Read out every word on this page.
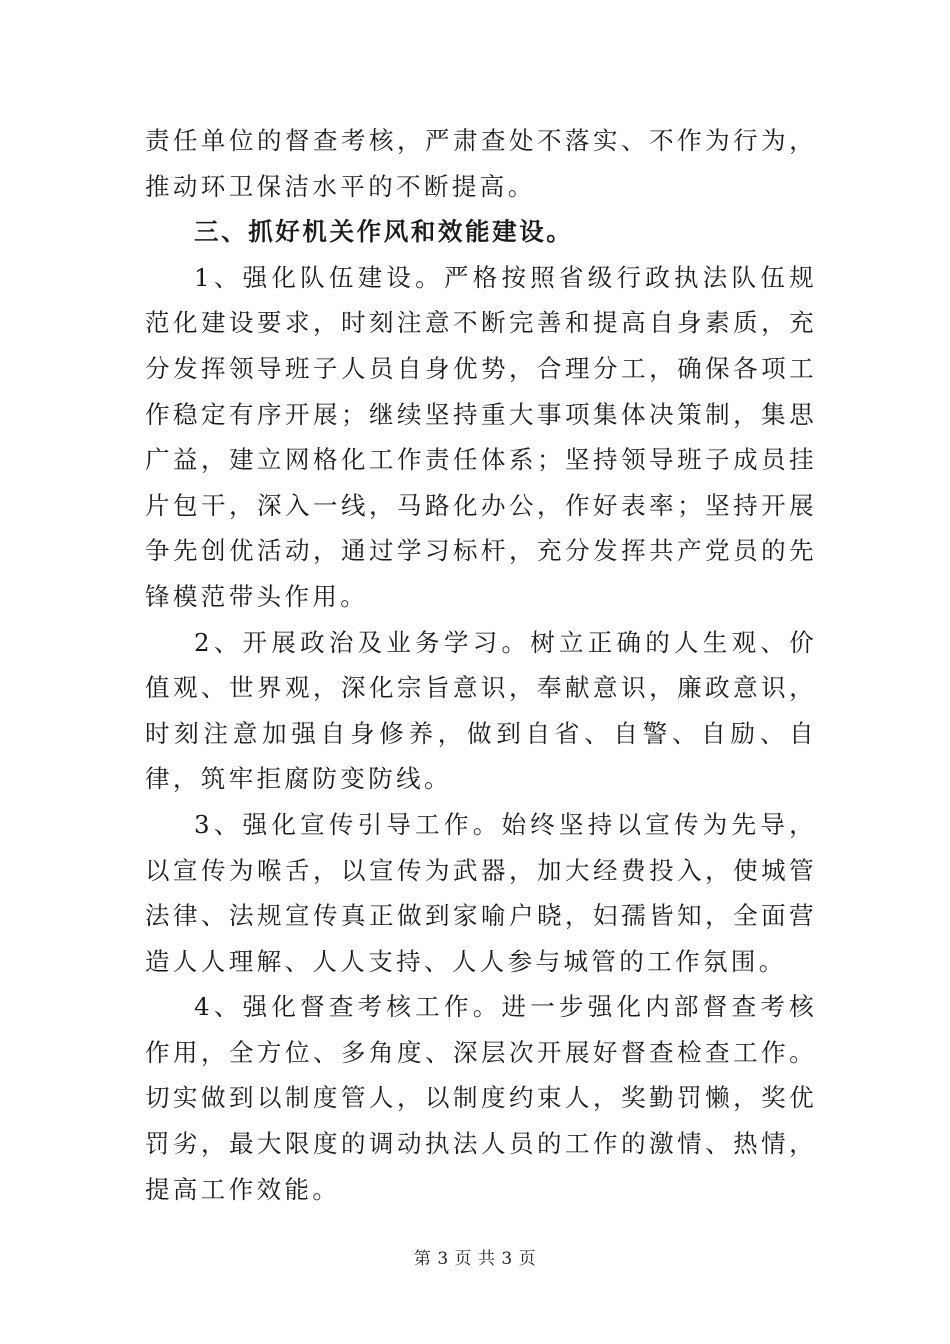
责任单位的督查考核，严肃查处不落实、不作为行为，推动环卫保洁水平的不断提高。

三、抓好机关作风和效能建设。

1、强化队伍建设。严格按照省级行政执法队伍规范化建设要求，时刻注意不断完善和提高自身素质，充分发挥领导班子人员自身优势，合理分工，确保各项工作稳定有序开展；继续坚持重大事项集体决策制，集思广益，建立网格化工作责任体系；坚持领导班子成员挂片包干，深入一线，马路化办公，作好表率；坚持开展争先创优活动，通过学习标杆，充分发挥共产党员的先锋模范带头作用。

2、开展政治及业务学习。树立正确的人生观、价值观、世界观，深化宗旨意识，奉献意识，廉政意识，时刻注意加强自身修养，做到自省、自警、自励、自律，筑牢拒腐防变防线。

3、强化宣传引导工作。始终坚持以宣传为先导，以宣传为喉舌，以宣传为武器，加大经费投入，使城管法律、法规宣传真正做到家喻户晓，妇孺皆知，全面营造人人理解、人人支持、人人参与城管的工作氛围。

4、强化督查考核工作。进一步强化内部督查考核作用，全方位、多角度、深层次开展好督查检查工作。切实做到以制度管人，以制度约束人，奖勤罚懒，奖优罚劣，最大限度的调动执法人员的工作的激情、热情，提高工作效能。

第 3 页 共 3 页
